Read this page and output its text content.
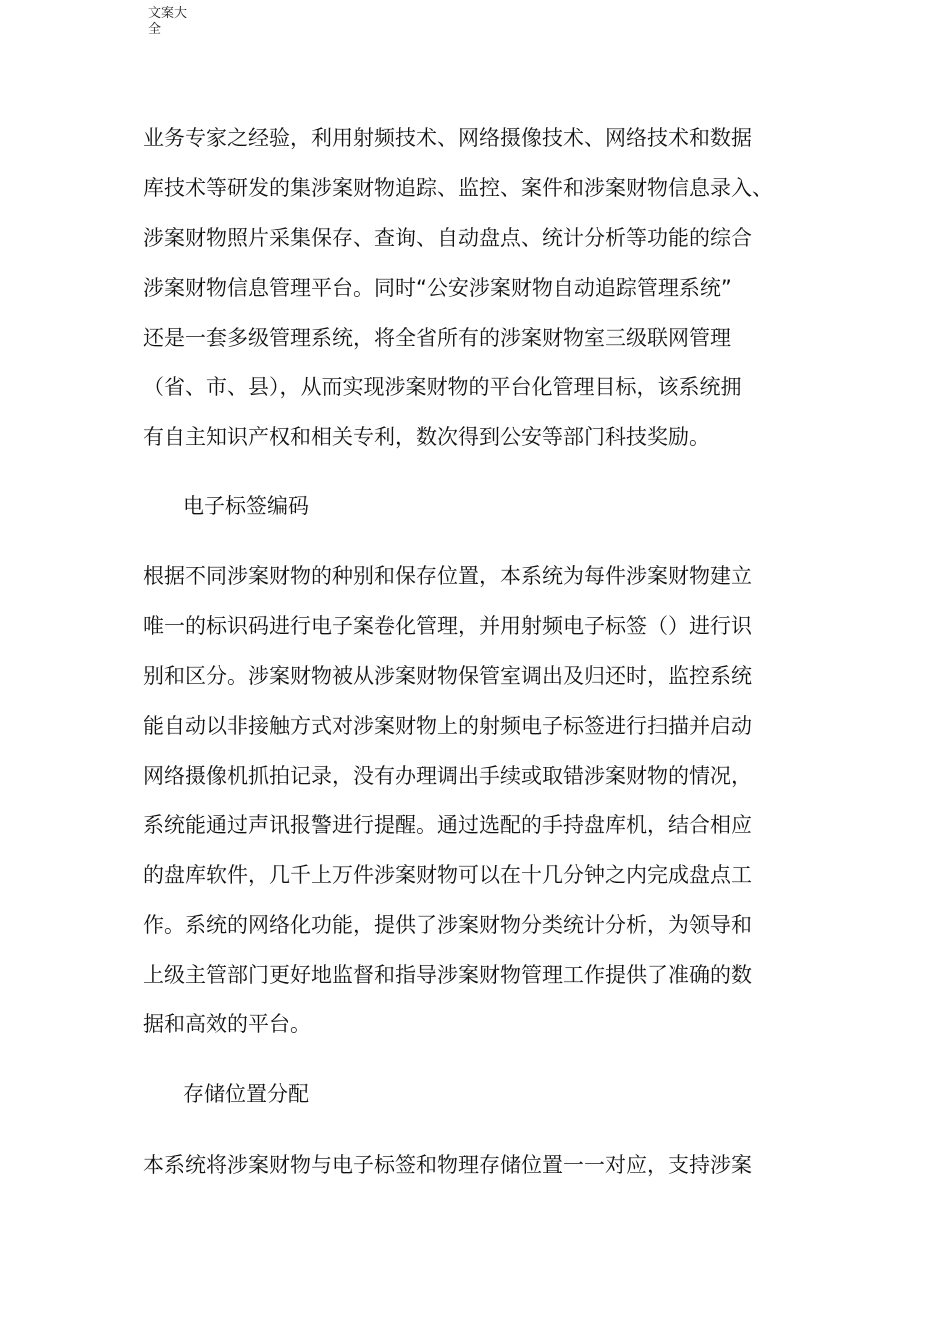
文案大
全
业务专家之经验，利用射频技术、网络摄像技术、网络技术和数据
库技术等研发的集涉案财物追踪、监控、案件和涉案财物信息录入、
涉案财物照片采集保存、查询、自动盘点、统计分析等功能的综合
涉案财物信息管理平台。同时“公安涉案财物自动追踪管理系统”
还是一套多级管理系统，将全省所有的涉案财物室三级联网管理
（省、市、县），从而实现涉案财物的平台化管理目标，该系统拥
有自主知识产权和相关专利，数次得到公安等部门科技奖励。
电子标签编码
根据不同涉案财物的种别和保存位置，本系统为每件涉案财物建立
唯一的标识码进行电子案卷化管理，并用射频电子标签（）进行识
别和区分。涉案财物被从涉案财物保管室调出及归还时，监控系统
能自动以非接触方式对涉案财物上的射频电子标签进行扫描并启动
网络摄像机抓拍记录，没有办理调出手续或取错涉案财物的情况，
系统能通过声讯报警进行提醒。通过选配的手持盘库机，结合相应
的盘库软件，几千上万件涉案财物可以在十几分钟之内完成盘点工
作。系统的网络化功能，提供了涉案财物分类统计分析，为领导和
上级主管部门更好地监督和指导涉案财物管理工作提供了准确的数
据和高效的平台。
存储位置分配
本系统将涉案财物与电子标签和物理存储位置一一对应，支持涉案
